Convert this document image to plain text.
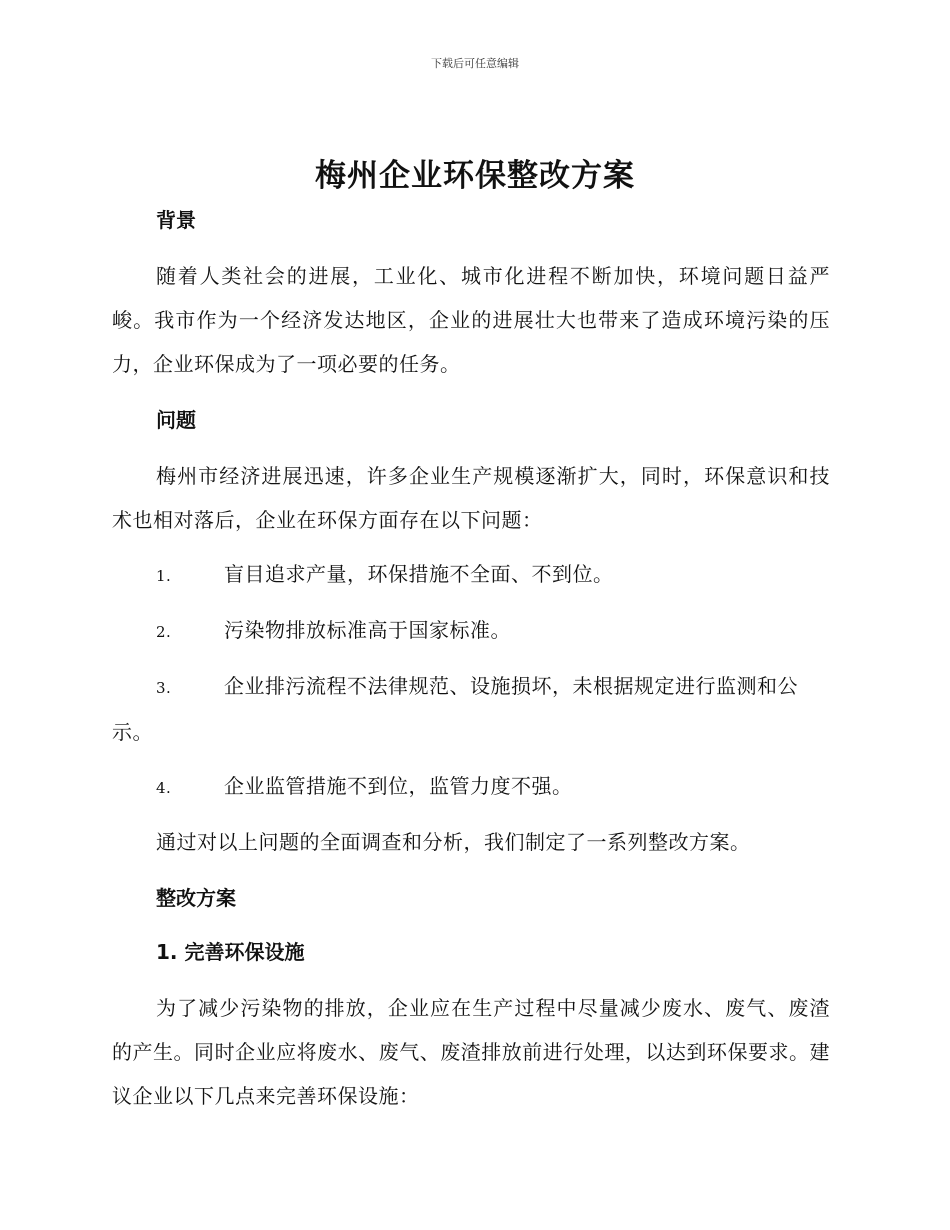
下载后可任意编辑
梅州企业环保整改方案
背景

随着人类社会的进展，工业化、城市化进程不断加快，环境问题日益严峻。我市作为一个经济发达地区，企业的进展壮大也带来了造成环境污染的压力，企业环保成为了一项必要的任务。

问题

梅州市经济进展迅速，许多企业生产规模逐渐扩大，同时，环保意识和技术也相对落后，企业在环保方面存在以下问题：

1.	盲目追求产量，环保措施不全面、不到位。

2.	污染物排放标准高于国家标准。

3.	企业排污流程不法律规范、设施损坏，未根据规定进行监测和公示。

4.	企业监管措施不到位，监管力度不强。

通过对以上问题的全面调查和分析，我们制定了一系列整改方案。

整改方案
1. 完善环保设施

为了减少污染物的排放，企业应在生产过程中尽量减少废水、废气、废渣的产生。同时企业应将废水、废气、废渣排放前进行处理，以达到环保要求。建议企业以下几点来完善环保设施：
